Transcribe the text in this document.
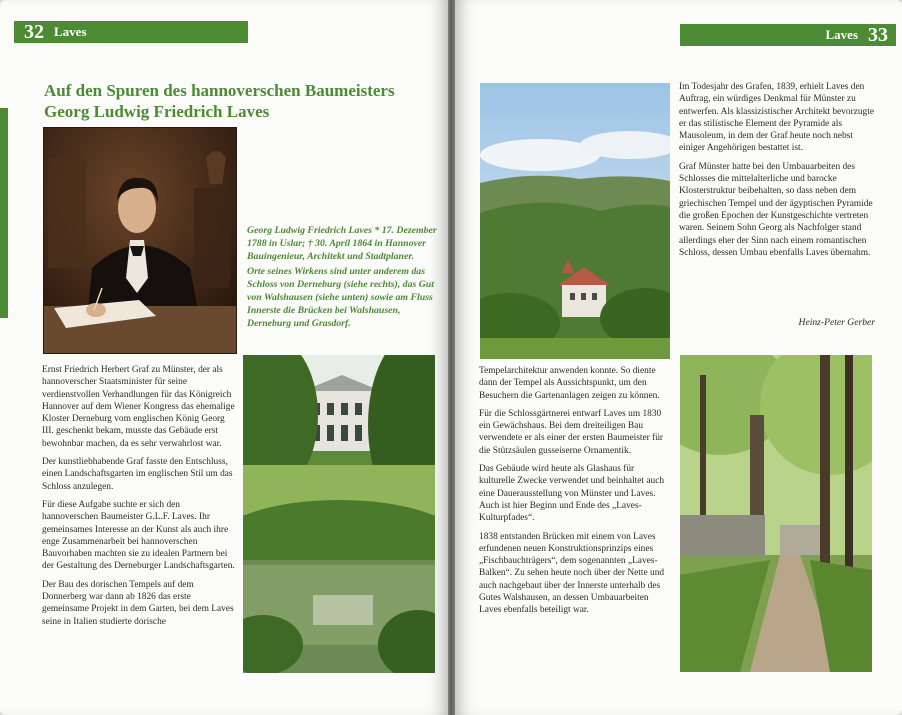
32 Laves
Auf den Spuren des hannoverschen Baumeisters
Georg Ludwig Friedrich Laves

Georg Ludwig Friedrich Laves * 17. Dezember 1788 in Uslar; † 30. April 1864 in Hannover Bauingenieur, Architekt und Stadtplaner.

Orte seines Wirkens sind unter anderem das Schloss von Derneburg (siehe rechts), das Gut von Walshausen (siehe unten) sowie am Fluss Innerste die Brücken bei Walshausen, Derneburg und Grasdorf.

Ernst Friedrich Herbert Graf zu Münster, der als hannoverscher Staatsminister für seine verdienstvollen Verhandlungen für das Königreich Hannover auf dem Wiener Kongress das ehemalige Kloster Derneburg vom englischen König Georg III. geschenkt bekam, musste das Gebäude erst bewohnbar machen, da es sehr verwahrlost war.

Der kunstliebhabende Graf fasste den Entschluss, einen Landschaftsgarten im englischen Stil um das Schloss anzulegen.

Für diese Aufgabe suchte er sich den hannoverschen Baumeister G.L.F. Laves. Ihr gemeinsames Interesse an der Kunst als auch ihre enge Zusammenarbeit bei hannoverschen Bauvorhaben machten sie zu idealen Partnern bei der Gestaltung des Derneburger Landschaftsgarten.

Der Bau des dorischen Tempels auf dem Donnerberg war dann ab 1826 das erste gemeinsame Projekt in dem Garten, bei dem Laves seine in Italien studierte dorische

Laves 33

Im Todesjahr des Grafen, 1839, erhielt Laves den Auftrag, ein würdiges Denkmal für Münster zu entwerfen. Als klassizistischer Architekt bevorzugte er das stilistische Element der Pyramide als Mausoleum, in dem der Graf heute noch nebst einiger Angehörigen bestattet ist.

Graf Münster hatte bei den Umbauarbeiten des Schlosses die mittelalterliche und barocke Klosterstruktur beibehalten, so dass neben dem griechischen Tempel und der ägyptischen Pyramide die großen Epochen der Kunstgeschichte vertreten waren. Seinem Sohn Georg als Nachfolger stand allerdings eher der Sinn nach einem romantischen Schloss, dessen Umbau ebenfalls Laves übernahm.

Heinz-Peter Gerber

Tempelarchitektur anwenden konnte. So diente dann der Tempel als Aussichtspunkt, um den Besuchern die Gartenanlagen zeigen zu können.

Für die Schlossgärtnerei entwarf Laves um 1830 ein Gewächshaus. Bei dem dreiteiligen Bau verwendete er als einer der ersten Baumeister für die Stützsäulen gusseiserne Ornamentik.

Das Gebäude wird heute als Glashaus für kulturelle Zwecke verwendet und beinhaltet auch eine Dauerausstellung von Münster und Laves. Auch ist hier Beginn und Ende des „Laves-Kulturpfades“.

1838 entstanden Brücken mit einem von Laves erfundenen neuen Konstruktionsprinzips eines „Fischbauchträgers“, dem sogenannten „Laves-Balken“. Zu sehen heute noch über der Nette und auch nachgebaut über der Innerste unterhalb des Gutes Walshausen, an dessen Umbauarbeiten Laves ebenfalls beteiligt war.
